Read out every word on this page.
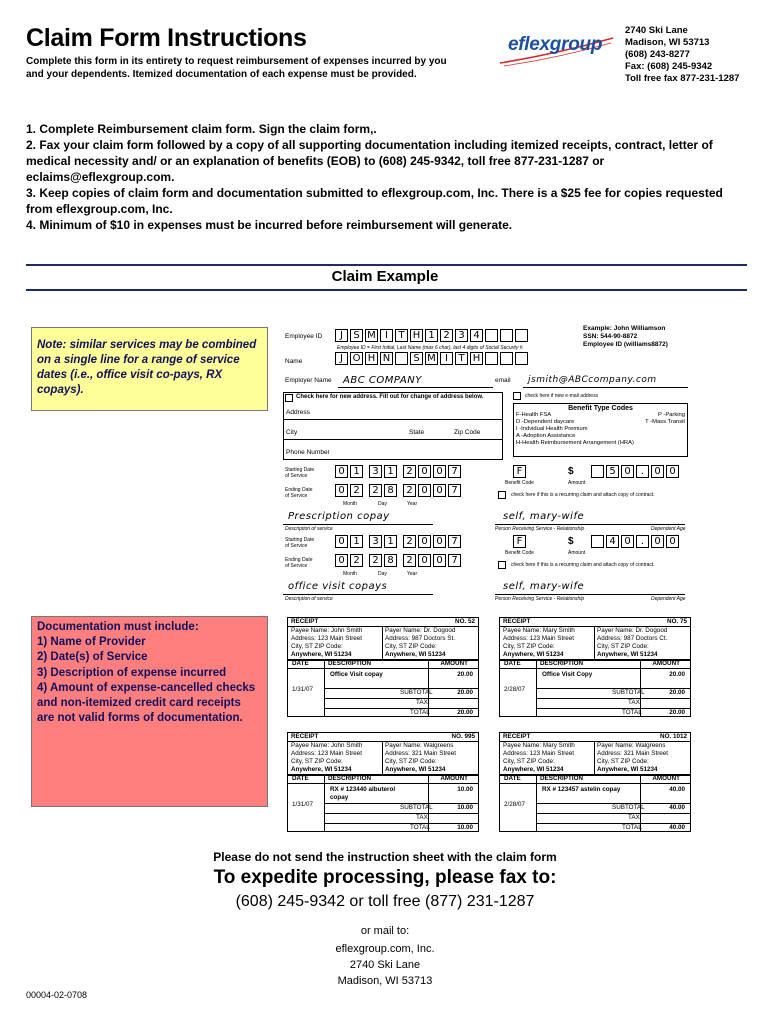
Claim Form Instructions
Complete this form in its entirety to request reimbursement of expenses incurred by you and your dependents. Itemized documentation of each expense must be provided.
eflexgroup
2740 Ski Lane
Madison, WI 53713
(608) 243-8277
Fax: (608) 245-9342
Toll free fax 877-231-1287
1. Complete Reimbursement claim form. Sign the claim form,.
2. Fax your claim form followed by a copy of all supporting documentation including itemized receipts, contract, letter of medical necessity and/ or an explanation of benefits (EOB) to (608) 245-9342, toll free 877-231-1287 or eclaims@eflexgroup.com.
3. Keep copies of claim form and documentation submitted to eflexgroup.com, Inc. There is a $25 fee for copies requested from eflexgroup.com, Inc.
4. Minimum of $10 in expenses must be incurred before reimbursement will generate.
Claim Example
Note: similar services may be combined on a single line for a range of service dates (i.e., office visit co-pays, RX copays).
Documentation must include:
1) Name of Provider
2) Date(s) of Service
3) Description of expense incurred
4) Amount of expense-cancelled checks and non-itemized credit card receipts are not valid forms of documentation.
Example: John Williamson
SSN: 544-90-8872
Employee ID (williams8872)
Employee ID	J	S M I	T H 1 2 3 4
Employee ID = First Initial, Last Name (max 6 char), last 4 digits of Social Security #.
Name	J O H N	S M I	T H
Employer Name ABC COMPANY	email jsmith@ABCcompany.com
check here if new e-mail address
Check here for new address. Fill out for change of address below.
Address
City	State	Zip Code
Phone Number
Benefit Type Codes
F-Health FSA	P -Parking
D -Dependent daycare	T -Mass Transit
I -Indvidual Health Premium
A -Adoption Assistance
H-Health Reimbursement Arrangement (HRA)
Starting Date of Service	0 1	3 1	2 0 0 7
Ending Date of Service	0 2	2 8	2 0 0 7
Month	Day	Year
F
Benefit Code
$	5 0	.	0 0
Amount
check here if this is a recurring claim and attach copy of contract.
Prescription copay
Description of service
self, mary-wife
Person Receiving Service - Relationship	Dependent Age
Starting Date of Service	0 1	3 1	2 0 0 7
Ending Date of Service	0 2	2 8	2 0 0 7
Month	Day	Year
F
Benefit Code
$	4 0	.	0 0
Amount
check here if this is a recurring claim and attach copy of contract.
office visit copays
Description of service
self, mary-wife
Person Receiving Service - Relationship	Dependent Age
RECEIPT	NO. 52
Payee Name: John Smith
Address: 123 Main Street
City, ST ZIP Code:
Anywhere, WI 51234
Payer Name: Dr. Dogood
Address: 987 Doctors St.
City, ST ZIP Code:
Anywhere, WI 51234
DATE	DESCRIPTION	AMOUNT
1/31/07
Office Visit copay	20.00
SUBTOTAL	20.00
TAX
TOTAL	20.00
RECEIPT	NO. 75
Payee Name: Mary Smith
Address: 123 Main Street
City, ST ZIP Code:
Anywhere, WI 51234
Payer Name: Dr. Dogood
Address: 987 Doctors Ct.
City, ST ZIP Code:
Anywhere, WI 51234
DATE	DESCRIPTION	AMOUNT
2/28/07
Office Visit Copy	20.00
SUBTOTAL	20.00
TAX
TOTAL	20.00
RECEIPT	NO. 995
Payee Name: John Smith
Address: 123 Main Street
City, ST ZIP Code:
Anywhere, WI 51234
Payer Name: Walgreens
Address: 321 Main Street
City, ST ZIP Code:
Anywhere, WI 51234
DATE	DESCRIPTION	AMOUNT
1/31/07
RX # 123440 albuterol copay
10.00
SUBTOTAL	10.00
TAX
TOTAL	10.00
RECEIPT	NO. 1012
Payee Name: Mary Smith
Address: 123 Main Street
City, ST ZIP Code:
Anywhere, WI 51234
Payer Name: Walgreens
Address: 321 Main Street
City, ST ZIP Code:
Anywhere, WI 51234
DATE	DESCRIPTION	AMOUNT
2/28/07
RX # 123457 astelin copay	40.00
SUBTOTAL	40.00
TAX
TOTAL	40.00
Please do not send the instruction sheet with the claim form
To expedite processing, please fax to:
(608) 245-9342 or toll free (877) 231-1287
or mail to:
eflexgroup.com, Inc.
2740 Ski Lane
Madison, WI 53713
00004-02-0708
